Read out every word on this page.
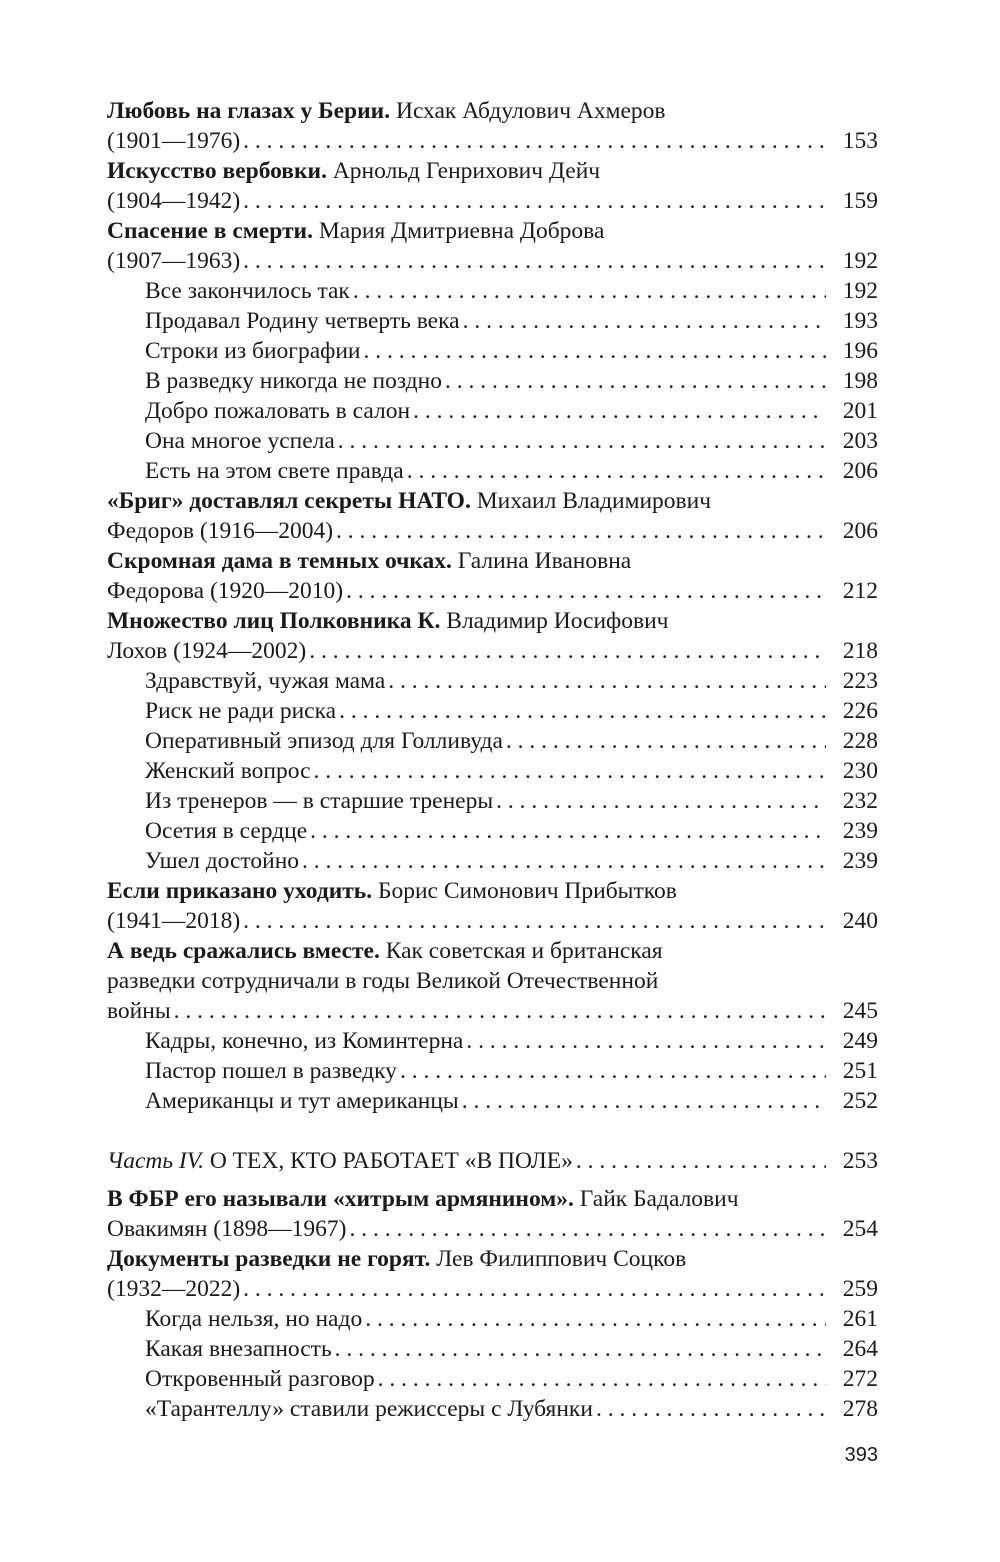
Любовь на глазах у Берии. Исхак Абдулович Ахмеров
(1901—1976) . . .	153
Искусство вербовки. Арнольд Генрихович Дейч
(1904—1942) . . .	159
Спасение в смерти. Мария Дмитриевна Доброва
(1907—1963) . . .	192
Все закончилось так . . .	192
Продавал Родину четверть века . . .	193
Строки из биографии . . .	196
В разведку никогда не поздно . . .	198
Добро пожаловать в салон . . .	201
Она многое успела . . .	203
Есть на этом свете правда . . .	206
«Бриг» доставлял секреты НАТО. Михаил Владимирович
Федоров (1916—2004) . . .	206
Скромная дама в темных очках. Галина Ивановна
Федорова (1920—2010) . . .	212
Множество лиц Полковника К. Владимир Иосифович
Лохов (1924—2002) . . .	218
Здравствуй, чужая мама . . .	223
Риск не ради риска . . .	226
Оперативный эпизод для Голливуда . . .	228
Женский вопрос . . .	230
Из тренеров — в старшие тренеры . . .	232
Осетия в сердце . . .	239
Ушел достойно . . .	239
Если приказано уходить. Борис Симонович Прибытков
(1941—2018) . . .	240
А ведь сражались вместе. Как советская и британская
разведки сотрудничали в годы Великой Отечественной
войны . . .	245
Кадры, конечно, из Коминтерна . . .	249
Пастор пошел в разведку . . .	251
Американцы и тут американцы . . .	252
Часть IV. О ТЕХ, КТО РАБОТАЕТ «В ПОЛЕ» . . .	253
В ФБР его называли «хитрым армянином». Гайк Бадалович
Овакимян (1898—1967) . . .	254
Документы разведки не горят. Лев Филиппович Соцков
(1932—2022) . . .	259
Когда нельзя, но надо . . .	261
Какая внезапность . . .	264
Откровенный разговор . . .	272
«Тарантеллу» ставили режиссеры с Лубянки . . .	278
393
